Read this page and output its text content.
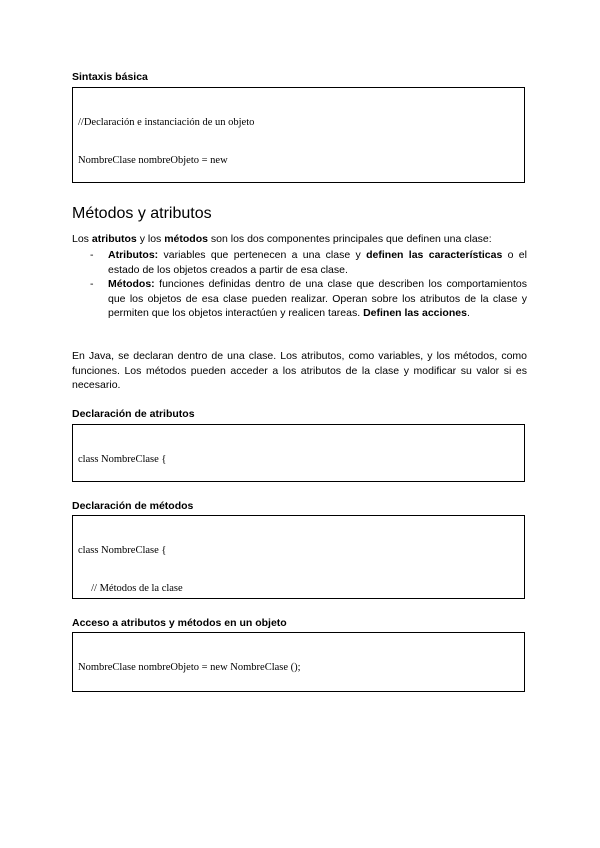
Sintaxis básica

//Declaración e instanciación de un objeto

NombreClase nombreObjeto = new

Métodos y atributos
Los atributos y los métodos son los dos componentes principales que definen una clase:
- Atributos: variables que pertenecen a una clase y definen las características o el estado de los objetos creados a partir de esa clase.
- Métodos: funciones definidas dentro de una clase que describen los comportamientos que los objetos de esa clase pueden realizar. Operan sobre los atributos de la clase y permiten que los objetos interactúen y realicen tareas. Definen las acciones.
En Java, se declaran dentro de una clase. Los atributos, como variables, y los métodos, como funciones. Los métodos pueden acceder a los atributos de la clase y modificar su valor si es necesario.
Declaración de atributos

class NombreClase {

Declaración de métodos

class NombreClase {

// Métodos de la clase

Acceso a atributos y métodos en un objeto

NombreClase nombreObjeto = new NombreClase ();
